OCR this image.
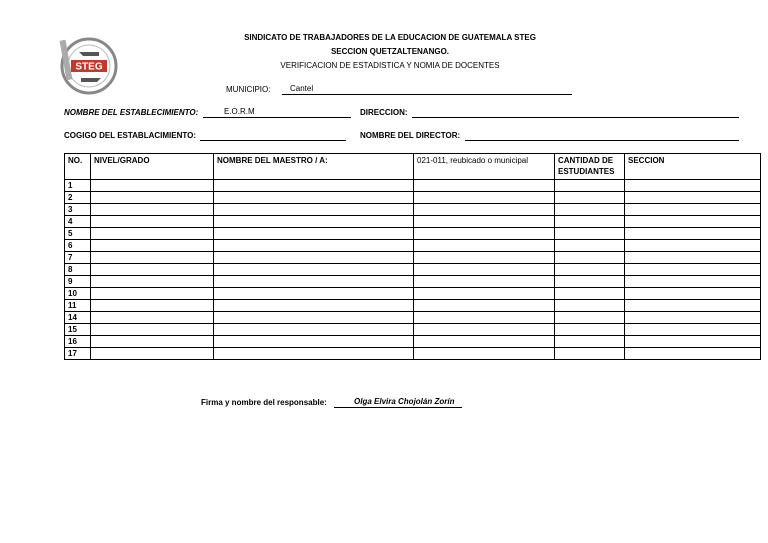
STEG
SINDICATO DE TRABAJADORES DE LA EDUCACION DE GUATEMALA STEG
SECCION QUETZALTENANGO.
VERIFICACION DE ESTADISTICA Y NOMIA DE DOCENTES
MUNICIPIO: Cantel
NOMBRE DEL ESTABLECIMIENTO:	E.O.R.M	DIRECCION:
COGIGO DEL ESTABLACIMIENTO:	NOMBRE DEL DIRECTOR:
NO.	NIVEL/GRADO	NOMBRE DEL MAESTRO / A:	021-011, reubicado o municipal	CANTIDAD DE ESTUDIANTES	SECCION
1					
2					
3					
4					
5					
6					
7					
8					
9					
10					
11					
14					
15					
16					
17					
Firma y nombre del responsable:	Olga Elvira Chojolán Zorín
